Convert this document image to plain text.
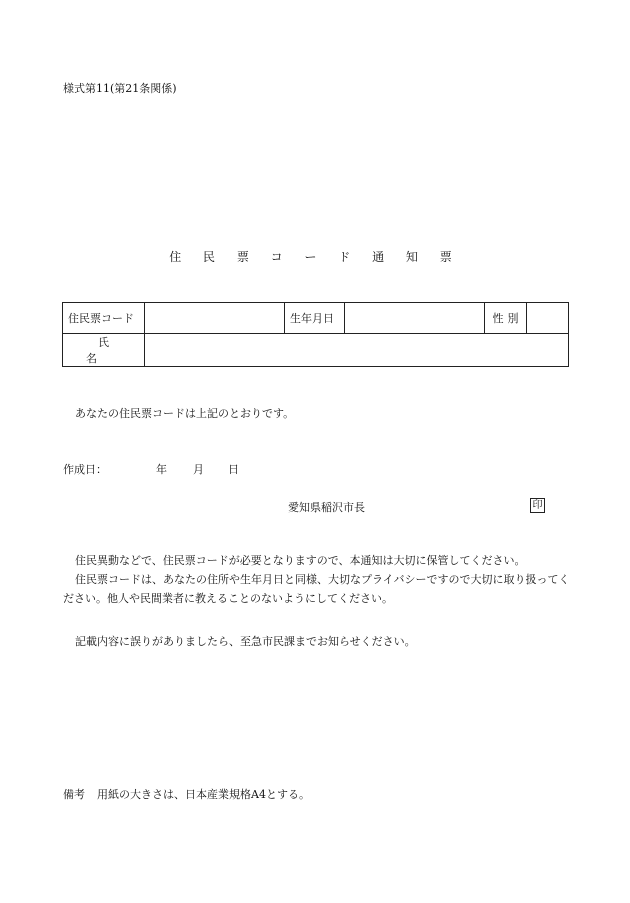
様式第11(第21条関係)
住 民 票 コ ー ド 通 知 票
住民票コード		生年月日		性別	
氏名					
あなたの住民票コードは上記のとおりです。
作成日：	年 月 日
愛知県稲沢市長	印

住民異動などで、住民票コードが必要となりますので、本通知は大切に保管してください。

住民票コードは、あなたの住所や生年月日と同様、大切なプライバシーですので大切に取り扱ってください。他人や民間業者に教えることのないようにしてください。

記載内容に誤りがありましたら、至急市民課までお知らせください。

備考 用紙の大きさは、日本産業規格A4とする。
